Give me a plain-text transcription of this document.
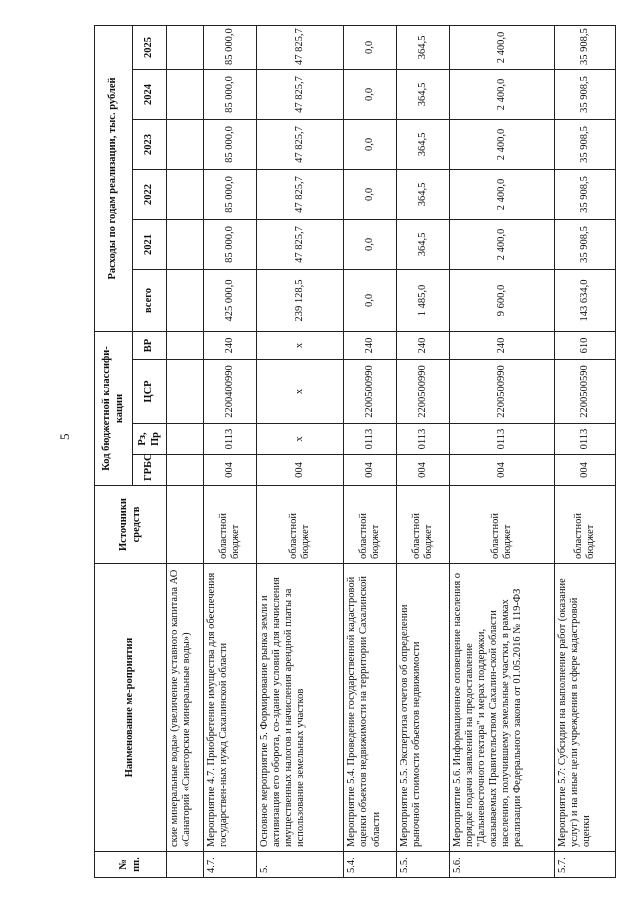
5
№ пп.	Наименование ме-роприятия	Источники средств	Код бюджетной классифи-кации				Расходы по годам реализации, тыс. рублей					
			ГРБС	Рз, Пр	ЦСР	ВР	всего	2021	2022	2023	2024	2025
	ские минеральные воды» (увеличение уставного капитала АО «Санаторий «Синегорские минеральные воды»)											
4.7.	Мероприятие 4.7. Приобретение имущества для обеспечения государствен-ных нужд Сахалинской области	областной бюджет	004	0113	2200400990	240	425 000,0	85 000,0	85 000,0	85 000,0	85 000,0	85 000,0
5.	Основное мероприятие 5. Формирование рынка земли и активизация его оборота, со-здание условий для начисления имущественных налогов и начисления арендной платы за использование земельных участков	областной бюджет	004	х	х	х	239 128,5	47 825,7	47 825,7	47 825,7	47 825,7	47 825,7
5.4.	Мероприятие 5.4. Проведение государственной кадастровой оценки объектов недвижимости на территории Сахалинской области	областной бюджет	004	0113	2200500990	240	0,0	0,0	0,0	0,0	0,0	0,0
5.5.	Мероприятие 5.5. Экспертиза отчетов об определении рыночной стоимости объектов недвижимости	областной бюджет	004	0113	2200500990	240	1 485,0	364,5	364,5	364,5	364,5	364,5
5.6.	Мероприятие 5.6. Информационное оповещение населения о порядке подачи заявлений на предоставление "Дальневосточного гектара" и мерах поддержки, оказываемых Правительством Сахалин-ской области населению, получившему земельные участки, в рамках реализации Федерального закона от 01.05.2016 № 119-ФЗ	областной бюджет	004	0113	2200500990	240	9 600,0	2 400,0	2 400,0	2 400,0	2 400,0	2 400,0
5.7.	Мероприятие 5.7: Субсидии на выполнение работ (оказание услуг) и на иные цели учреждения в сфере кадастровой оценки	областной бюджет	004	0113	2200500590	610	143 634,0	35 908,5	35 908,5	35 908,5	35 908,5	35 908,5
